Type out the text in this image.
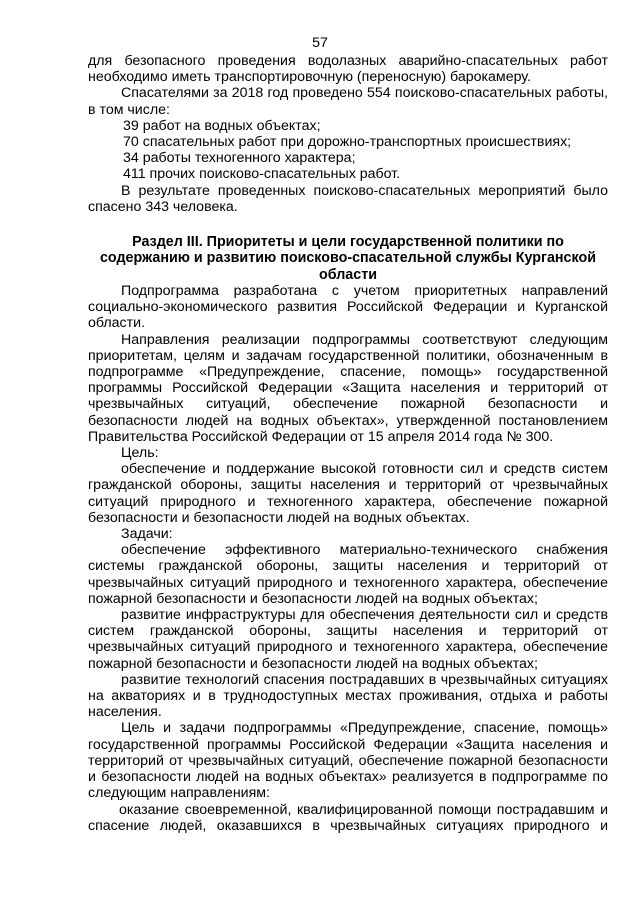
57

для безопасного проведения водолазных аварийно-спасательных работ необходимо иметь транспортировочную (переносную) барокамеру.

Спасателями за 2018 год проведено 554 поисково-спасательных работы, в том числе:

39 работ на водных объектах;

70 спасательных работ при дорожно-транспортных происшествиях;

34 работы техногенного характера;

411 прочих поисково-спасательных работ.

В результате проведенных поисково-спасательных мероприятий было спасено 343 человека.

Раздел III. Приоритеты и цели государственной политики по содержанию и развитию поисково-спасательной службы Курганской области

Подпрограмма разработана с учетом приоритетных направлений социально-экономического развития Российской Федерации и Курганской области.

Направления реализации подпрограммы соответствуют следующим приоритетам, целям и задачам государственной политики, обозначенным в подпрограмме «Предупреждение, спасение, помощь» государственной программы Российской Федерации «Защита населения и территорий от чрезвычайных ситуаций, обеспечение пожарной безопасности и безопасности людей на водных объектах», утвержденной постановлением Правительства Российской Федерации от 15 апреля 2014 года № 300.

Цель:

обеспечение и поддержание высокой готовности сил и средств систем гражданской обороны, защиты населения и территорий от чрезвычайных ситуаций природного и техногенного характера, обеспечение пожарной безопасности и безопасности людей на водных объектах.

Задачи:

обеспечение эффективного материально-технического снабжения системы гражданской обороны, защиты населения и территорий от чрезвычайных ситуаций природного и техногенного характера, обеспечение пожарной безопасности и безопасности людей на водных объектах;

развитие инфраструктуры для обеспечения деятельности сил и средств систем гражданской обороны, защиты населения и территорий от чрезвычайных ситуаций природного и техногенного характера, обеспечение пожарной безопасности и безопасности людей на водных объектах;

развитие технологий спасения пострадавших в чрезвычайных ситуациях на акваториях и в труднодоступных местах проживания, отдыха и работы населения.

Цель и задачи подпрограммы «Предупреждение, спасение, помощь» государственной программы Российской Федерации «Защита населения и территорий от чрезвычайных ситуаций, обеспечение пожарной безопасности и безопасности людей на водных объектах» реализуется в подпрограмме по следующим направлениям:

оказание своевременной, квалифицированной помощи пострадавшим и спасение людей, оказавшихся в чрезвычайных ситуациях природного и
